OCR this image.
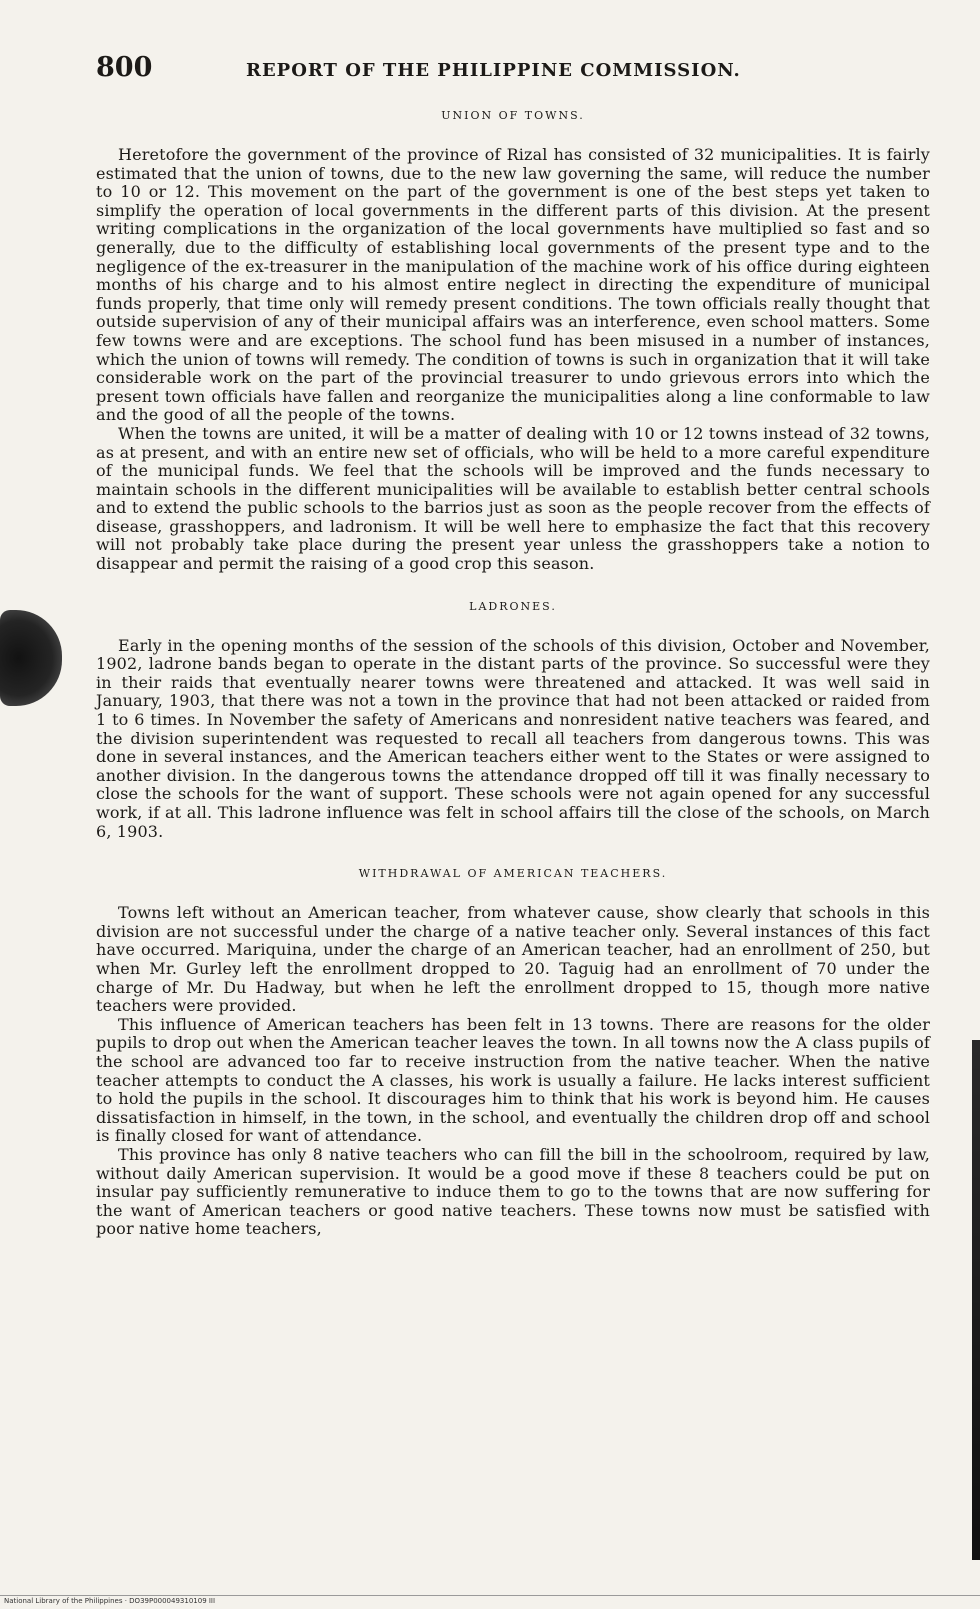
800	REPORT OF THE PHILIPPINE COMMISSION.
UNION OF TOWNS.

Heretofore the government of the province of Rizal has consisted of 32 municipalities. It is fairly estimated that the union of towns, due to the new law governing the same, will reduce the number to 10 or 12. This movement on the part of the government is one of the best steps yet taken to simplify the operation of local governments in the different parts of this division. At the present writing complications in the organization of the local governments have multiplied so fast and so generally, due to the difficulty of establishing local governments of the present type and to the negligence of the ex-treasurer in the manipulation of the machine work of his office during eighteen months of his charge and to his almost entire neglect in directing the expenditure of municipal funds properly, that time only will remedy present conditions. The town officials really thought that outside supervision of any of their municipal affairs was an interference, even school matters. Some few towns were and are exceptions. The school fund has been misused in a number of instances, which the union of towns will remedy. The condition of towns is such in organization that it will take considerable work on the part of the provincial treasurer to undo grievous errors into which the present town officials have fallen and reorganize the municipalities along a line conformable to law and the good of all the people of the towns.

When the towns are united, it will be a matter of dealing with 10 or 12 towns instead of 32 towns, as at present, and with an entire new set of officials, who will be held to a more careful expenditure of the municipal funds. We feel that the schools will be improved and the funds necessary to maintain schools in the different municipalities will be available to establish better central schools and to extend the public schools to the barrios just as soon as the people recover from the effects of disease, grasshoppers, and ladronism. It will be well here to emphasize the fact that this recovery will not probably take place during the present year unless the grasshoppers take a notion to disappear and permit the raising of a good crop this season.

LADRONES.

Early in the opening months of the session of the schools of this division, October and November, 1902, ladrone bands began to operate in the distant parts of the province. So successful were they in their raids that eventually nearer towns were threatened and attacked. It was well said in January, 1903, that there was not a town in the province that had not been attacked or raided from 1 to 6 times. In November the safety of Americans and nonresident native teachers was feared, and the division superintendent was requested to recall all teachers from dangerous towns. This was done in several instances, and the American teachers either went to the States or were assigned to another division. In the dangerous towns the attendance dropped off till it was finally necessary to close the schools for the want of support. These schools were not again opened for any successful work, if at all. This ladrone influence was felt in school affairs till the close of the schools, on March 6, 1903.

WITHDRAWAL OF AMERICAN TEACHERS.

Towns left without an American teacher, from whatever cause, show clearly that schools in this division are not successful under the charge of a native teacher only. Several instances of this fact have occurred. Mariquina, under the charge of an American teacher, had an enrollment of 250, but when Mr. Gurley left the enrollment dropped to 20. Taguig had an enrollment of 70 under the charge of Mr. Du Hadway, but when he left the enrollment dropped to 15, though more native teachers were provided.

This influence of American teachers has been felt in 13 towns. There are reasons for the older pupils to drop out when the American teacher leaves the town. In all towns now the A class pupils of the school are advanced too far to receive instruction from the native teacher. When the native teacher attempts to conduct the A classes, his work is usually a failure. He lacks interest sufficient to hold the pupils in the school. It discourages him to think that his work is beyond him. He causes dissatisfaction in himself, in the town, in the school, and eventually the children drop off and school is finally closed for want of attendance.

This province has only 8 native teachers who can fill the bill in the schoolroom, required by law, without daily American supervision. It would be a good move if these 8 teachers could be put on insular pay sufficiently remunerative to induce them to go to the towns that are now suffering for the want of American teachers or good native teachers. These towns now must be satisfied with poor native home teachers,

National Library of the Philippines · DO39P000049310109 III
